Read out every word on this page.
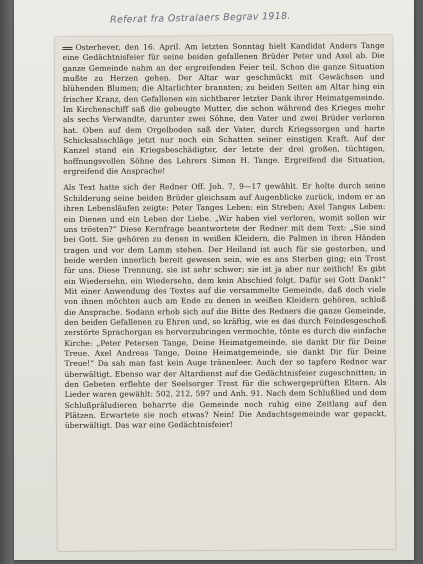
Referat fra Ostralaers Begrav 1918.

Osterhever, den 16. April. Am letzten Sonntag hielt Kandidat Anders Tange eine Gedächtnisfeier für seine beiden gefallenen Brüder Peter und Axel ab. Die ganze Gemeinde nahm an der ergreifenden Feier teil. Schon die ganze Situation mußte zu Herzen gehen. Der Altar war geschmückt mit Gewächsen und blühenden Blumen; die Altarlichter brannten; zu beiden Seiten am Altar hing ein frischer Kranz, den Gefallenen ein sichtbarer letzter Dank ihrer Heimatgemeinde. Im Kirchenschiff saß die gebeugte Mutter, die schon während des Krieges mehr als sechs Verwandte, darunter zwei Söhne, den Vater und zwei Brüder verloren hat. Oben auf dem Orgelboden saß der Vater, durch Kriegssorgen und harte Schicksalsschläge jetzt nur noch ein Schatten seiner einstigen Kraft. Auf der Kanzel stand ein Kriegsbeschädigter, der letzte der drei großen, tüchtigen, hoffnungsvollen Söhne des Lehrers Simon H. Tange. Ergreifend die Situation, ergreifend die Ansprache!

Als Text hatte sich der Redner Off. Joh. 7, 9—17 gewählt. Er holte durch seine Schilderung seine beiden Brüder gleichsam auf Augenblicke zurück, indem er an ihren Lebensläufen zeigte: Peter Tanges Leben: ein Streben; Axel Tanges Leben: ein Dienen und ein Leben der Liebe. „Wir haben viel verloren, womit sollen wir uns trösten?“ Diese Kernfrage beantwortete der Redner mit dem Text: „Sie sind bei Gott. Sie gehören zu denen in weißen Kleidern, die Palmen in ihren Händen tragen und vor dem Lamm stehen. Der Heiland ist auch für sie gestorben, und beide werden innerlich bereit gewesen sein, wie es ans Sterben ging; ein Trost für uns. Diese Trennung, sie ist sehr schwer; sie ist ja aber nur zeitlich! Es gibt ein Wiedersehn, ein Wiedersehn, dem kein Abschied folgt. Dafür sei Gott Dank!“ Mit einer Anwendung des Textes auf die versammelte Gemeinde, daß doch viele von ihnen möchten auch am Ende zu denen in weißen Kleidern gehören, schloß die Ansprache. Sodann erhob sich auf die Bitte des Redners die ganze Gemeinde, den beiden Gefallenen zu Ehren und, so kräftig, wie es das durch Feindesgeschoß zerstörte Sprachorgan es hervorzubringen vermochte, tönte es durch die einfache Kirche: „Peter Petersen Tange, Deine Heimatgemeinde, sie dankt Dir für Deine Treue. Axel Andreas Tange, Deine Heimatgemeinde, sie dankt Dir für Deine Treue!“ Da sah man fast kein Auge tränenleer. Auch der so tapfere Redner war überwältigt. Ebenso war der Altardienst auf die Gedächtnisfeier zugeschnitten; in den Gebeten erflehte der Seelsorger Trost für die schwergeprüften Eltern. Als Lieder waren gewählt: 502, 212, 597 und Anh. 91. Nach dem Schlußlied und dem Schlußpräludieren beharrte die Gemeinde noch ruhig eine Zeitlang auf den Plätzen. Erwartete sie noch etwas? Nein! Die Andachtsgemeinde war gepackt, überwältigt. Das war eine Gedächtnisfeier!
